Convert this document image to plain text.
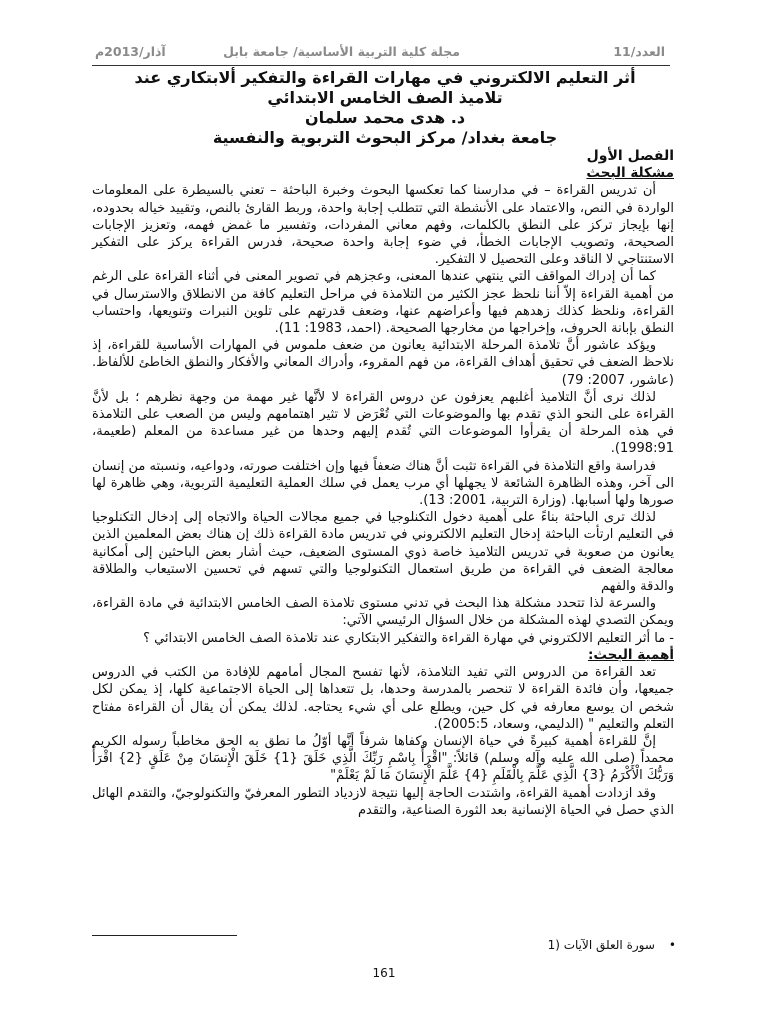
العدد/11
مجلة كلية التربية الأساسية/ جامعة بابل
آذار/2013م
أثر التعليم الالكتروني في مهارات القراءة والتفكير ألابتكاري عند
تلاميذ الصف الخامس الابتدائي
د. هدى محمد سلمان
جامعة بغداد/ مركز البحوث التربوية والنفسية

الفصل الأول

مشكلة البحث

أن تدريس القراءة – في مدارسنا كما تعكسها البحوث وخبرة الباحثة – تعني بالسيطرة على المعلومات الواردة في النص، والاعتماد على الأنشطة التي تتطلب إجابة واحدة، وربط القارئ بالنص، وتقييد خياله بحدوده، إنها بإيجاز تركز على النطق بالكلمات، وفهم معاني المفردات، وتفسير ما غمض فهمه، وتعزيز الإجابات الصحيحة، وتصويب الإجابات الخطأ، في ضوء إجابة واحدة صحيحة، فدرس القراءة يركز على التفكير الاستنتاجي لا الناقد وعلى التحصيل لا التفكير.

كما أن إدراك المواقف التي ينتهي عندها المعنى، وعجزهم في تصوير المعنى في أثناء القراءة على الرغم من أهمية القراءة إلاّ أننا نلحظ عجز الكثير من التلامذة في مراحل التعليم كافة من الانطلاق والاسترسال في القراءة، ونلحظ كذلك زهدهم فيها وأعراضهم عنها، وضعف قدرتهم على تلوين النبرات وتنويعها، واحتساب النطق بإبانة الحروف، وإخراجها من مخارجها الصحيحة. (احمد، 1983: 11).

ويؤكد عاشور أنَّ تلامذة المرحلة الابتدائية يعانون من ضعف ملموس في المهارات الأساسية للقراءة، إذ نلاحظ الضعف في تحقيق أهداف القراءة، من فهم المقروء، وأدراك المعاني والأفكار والنطق الخاطئ للألفاظ. (عاشور، 2007: 79)

لذلك نرى أنَّ التلاميذ أغلبهم يعزفون عن دروس القراءة لا لأنَّها غير مهمة من وجهة نظرهم ؛ بل لأنَّ القراءة على النحو الذي تقدم بها والموضوعات التي تُعْرَض لا تثير اهتمامهم وليس من الصعب على التلامذة في هذه المرحلة أن يقرأوا الموضوعات التي تُقدم إليهم وحدها من غير مساعدة من المعلم (طعيمة، 1998:91).

فدراسة واقع التلامذة في القراءة تثبت أنَّ هناك ضعفاً فيها وإن اختلفت صورته، ودواعيه، ونسبته من إنسان الى آخر، وهذه الظاهرة الشائعة لا يجهلها أي مرب يعمل في سلك العملية التعليمية التربوية، وهي ظاهرة لها صورها ولها أسبابها. (وزارة التربية، 2001: 13).

لذلك ترى الباحثة بناءً على أهمية دخول التكنلوجيا في جميع مجالات الحياة والاتجاه إلى إدخال التكنلوجيا في التعليم ارتأت الباحثة إدخال التعليم الالكتروني في تدريس مادة القراءة ذلك إن هناك بعض المعلمين الذين يعانون من صعوبة في تدريس التلاميذ خاصة ذوي المستوى الضعيف، حيث أشار بعض الباحثين إلى أمكانية معالجة الضعف في القراءة من طريق استعمال التكنولوجيا والتي تسهم في تحسين الاستيعاب والطلاقة والدقة والفهم

والسرعة لذا تتحدد مشكلة هذا البحث في تدني مستوى تلامذة الصف الخامس الابتدائية في مادة القراءة، ويمكن التصدي لهذه المشكلة من خلال السؤال الرئيسي الآتي:

- ما أثر التعليم الالكتروني في مهارة القراءة والتفكير الابتكاري عند تلامذة الصف الخامس الابتدائي ؟

أهمية البحث:

تعد القراءة من الدروس التي تفيد التلامذة، لأنها تفسح المجال أمامهم للإفادة من الكتب في الدروس جميعها، وأن فائدة القراءة لا تنحصر بالمدرسة وحدها، بل تتعداها إلى الحياة الاجتماعية كلها، إذ يمكن لكل شخص ان يوسع معارفه في كل حين، ويطلع على أي شيء يحتاجه. لذلك يمكن أن يقال أن القراءة مفتاح التعلم والتعليم " (الدليمي، وسعاد، 2005:5).

إنَّ للقراءة أهمية كبيرةً في حياة الإنسان وكفاها شرفاً أنَّها أوّلُ ما نطق به الحق مخاطباً رسوله الكريم محمداً (صلى الله عليه وآله وسلم) قائلاً: "اقْرَأْ بِاسْمِ رَبِّكَ الَّذِي خَلَقَ {1} خَلَقَ الْإِنسَانَ مِنْ عَلَقٍ {2} اقْرَأْ وَرَبُّكَ الْأَكْرَمُ {3} الَّذِي عَلَّمَ بِالْقَلَمِ {4} عَلَّمَ الْإِنسَانَ مَا لَمْ يَعْلَمْ"

وقد ازدادت أهمية القراءة، واشتدت الحاجة إليها نتيجة لازدياد التطور المعرفيّ والتكنولوجيّ، والتقدم الهائل الذي حصل في الحياة الإنسانية بعد الثورة الصناعية، والتقدم

•سورة العلق الآيات (1
161
